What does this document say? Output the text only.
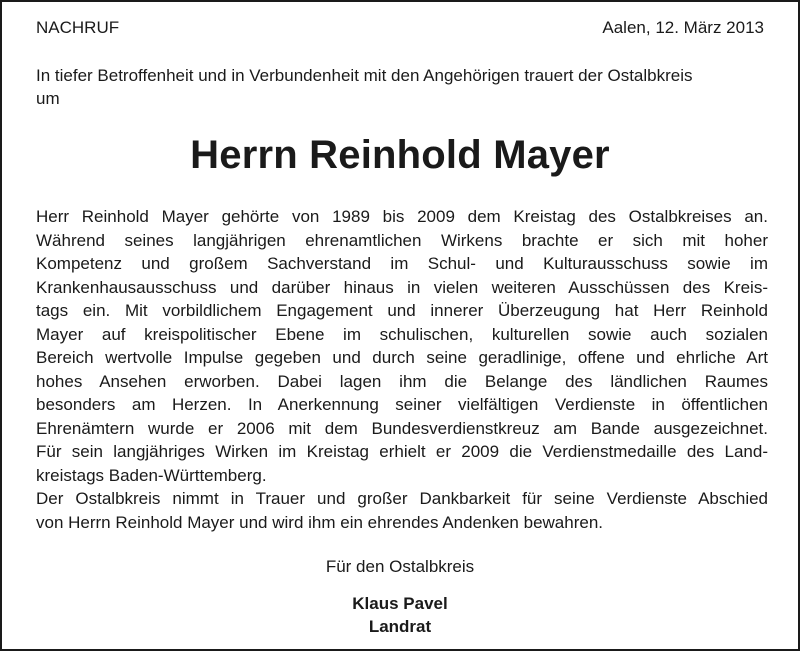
NACHRUF	Aalen, 12. März 2013
In tiefer Betroffenheit und in Verbundenheit mit den Angehörigen trauert der Ostalbkreis
um
Herrn Reinhold Mayer
Herr Reinhold Mayer gehörte von 1989 bis 2009 dem Kreistag des Ostalbkreises an.
Während seines langjährigen ehrenamtlichen Wirkens brachte er sich mit hoher
Kompetenz und großem Sachverstand im Schul- und Kulturausschuss sowie im
Krankenhausausschuss und darüber hinaus in vielen weiteren Ausschüssen des Kreis-
tags ein. Mit vorbildlichem Engagement und innerer Überzeugung hat Herr Reinhold
Mayer auf kreispolitischer Ebene im schulischen, kulturellen sowie auch sozialen
Bereich wertvolle Impulse gegeben und durch seine geradlinige, offene und ehrliche Art
hohes Ansehen erworben. Dabei lagen ihm die Belange des ländlichen Raumes
besonders am Herzen. In Anerkennung seiner vielfältigen Verdienste in öffentlichen
Ehrenämtern wurde er 2006 mit dem Bundesverdienstkreuz am Bande ausgezeichnet.
Für sein langjähriges Wirken im Kreistag erhielt er 2009 die Verdienstmedaille des Land-
kreistags Baden-Württemberg.
Der Ostalbkreis nimmt in Trauer und großer Dankbarkeit für seine Verdienste Abschied
von Herrn Reinhold Mayer und wird ihm ein ehrendes Andenken bewahren.
Für den Ostalbkreis
Klaus Pavel
Landrat
